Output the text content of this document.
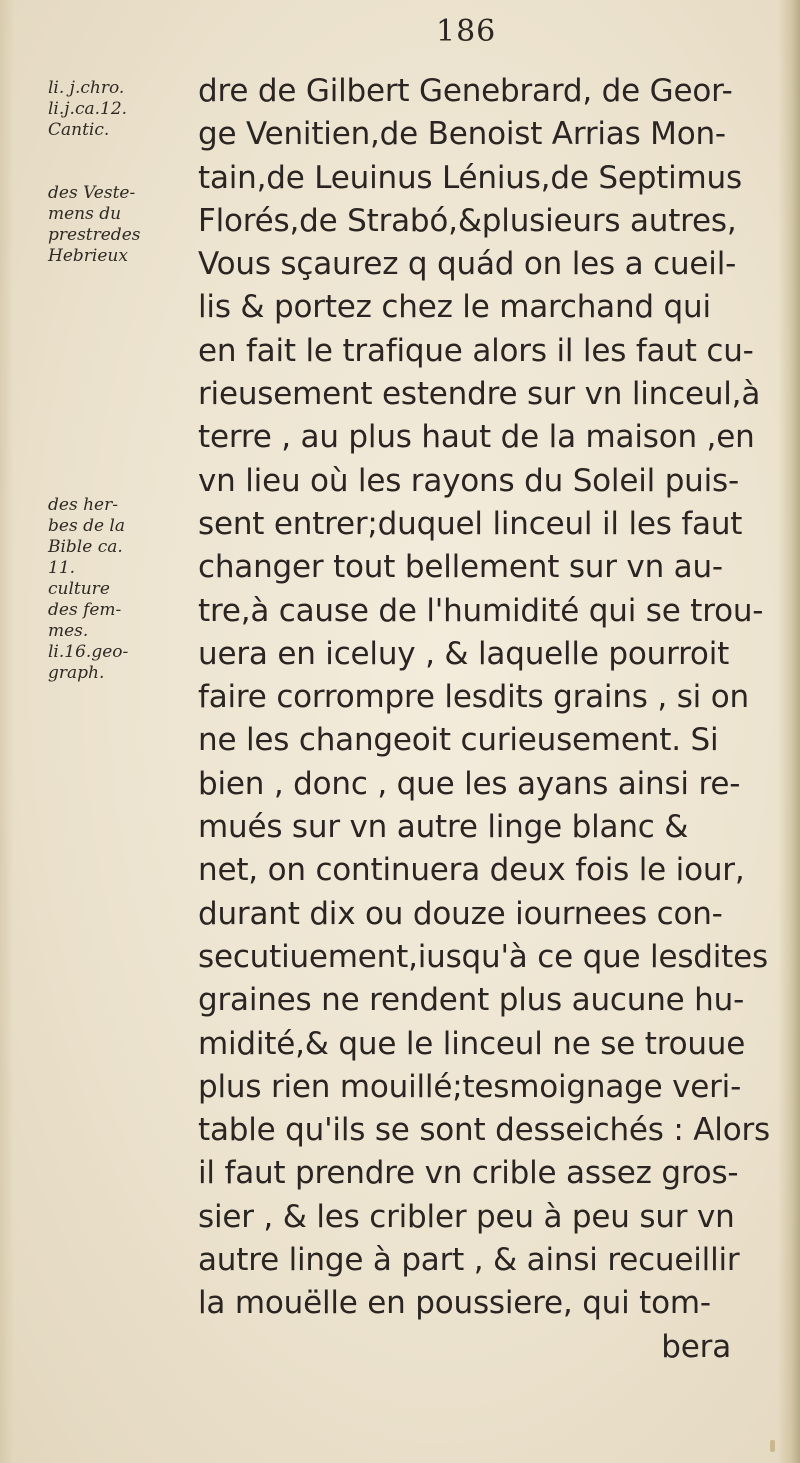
186
li. j.chro.
li.j.ca.12.
Cantic.
des Veste-
mens du
prestredes
Hebrieux
des her-
bes de la
Bible ca.
11.
culture
des fem-
mes.
li.16.geo-
graph.
dre de Gilbert Genebrard, de Geor-
ge Venitien,de Benoist Arrias Mon-
tain,de Leuinus Lénius,de Septimus
Florés,de Strabó,&plusieurs autres,
Vous sçaurez q quád on les a cueil-
lis & portez chez le marchand qui
en fait le trafique alors il les faut cu-
rieusement estendre sur vn linceul,à
terre , au plus haut de la maison ,en
vn lieu où les rayons du Soleil puis-
sent entrer;duquel linceul il les faut
changer tout bellement sur vn au-
tre,à cause de l'humidité qui se trou-
uera en iceluy , & laquelle pourroit
faire corrompre lesdits grains , si on
ne les changeoit curieusement. Si
bien , donc , que les ayans ainsi re-
mués sur vn autre linge blanc &
net, on continuera deux fois le iour,
durant dix ou douze iournees con-
secutiuement,iusqu'à ce que lesdites
graines ne rendent plus aucune hu-
midité,& que le linceul ne se trouue
plus rien mouillé;tesmoignage veri-
table qu'ils se sont desseichés : Alors
il faut prendre vn crible assez gros-
sier , & les cribler peu à peu sur vn
autre linge à part , & ainsi recueillir
la mouëlle en poussiere, qui tom-
bera
